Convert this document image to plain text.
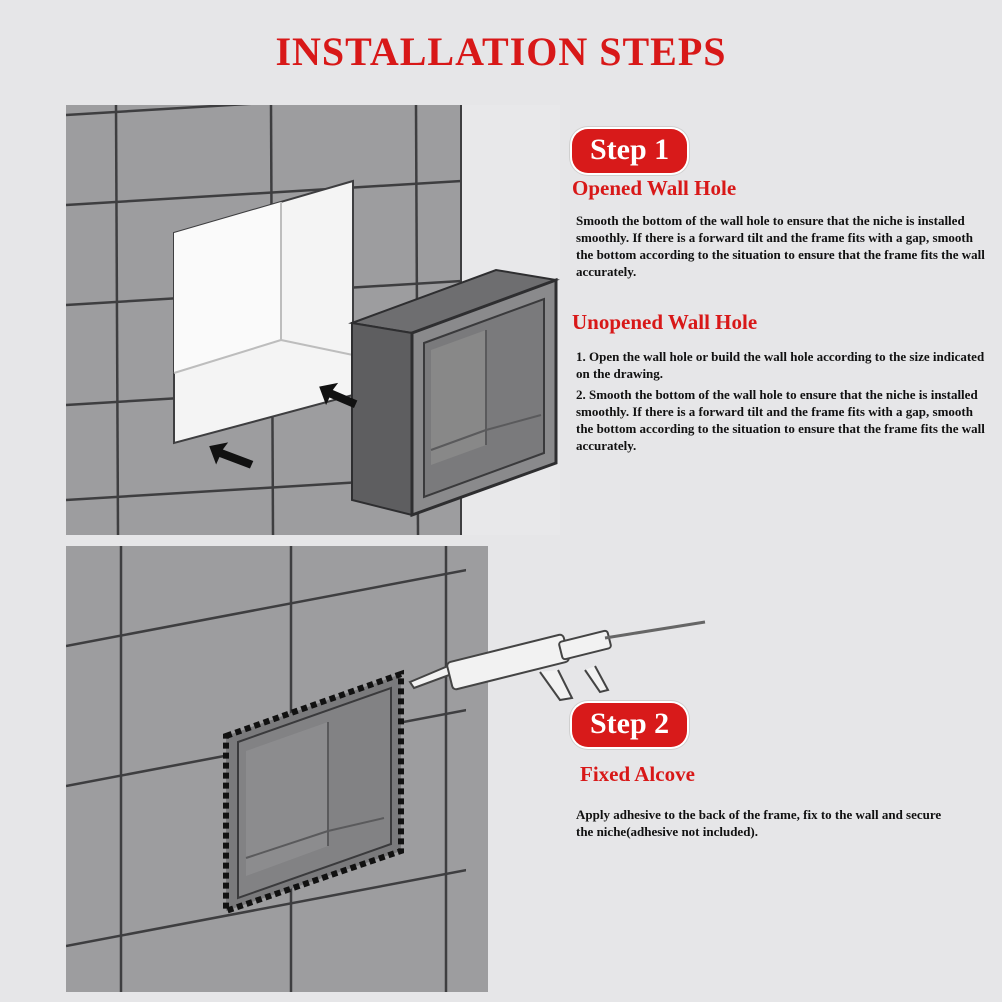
INSTALLATION STEPS
Step 1
Opened Wall Hole
Smooth the bottom of the wall hole to ensure that the niche is installed smoothly. If there is a forward tilt and the frame fits with a gap, smooth the bottom according to the situation to ensure that the frame fits the wall accurately.
Unopened Wall Hole
1. Open the wall hole or build the wall hole according to the size indicated on the drawing.
2. Smooth the bottom of the wall hole to ensure that the niche is installed smoothly. If there is a forward tilt and the frame fits with a gap, smooth the bottom according to the situation to ensure that the frame fits the wall accurately.
Step 2
Fixed Alcove
Apply adhesive to the back of the frame, fix to the wall and secure the niche(adhesive not included).
